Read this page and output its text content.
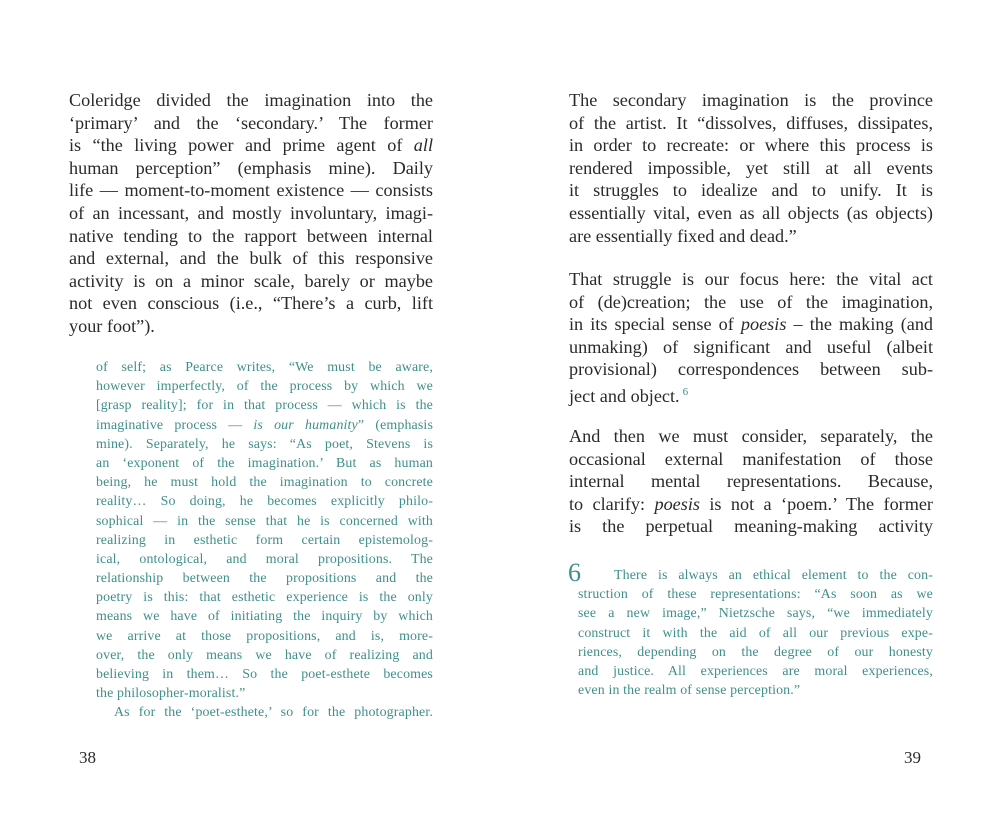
Coleridge divided the imagination into the
‘primary’ and the ‘secondary.’ The former
is “the living power and prime agent of all
human perception” (emphasis mine). Daily
life — moment-to-moment existence — consists
of an incessant, and mostly involuntary, imagi-
native tending to the rapport between internal
and external, and the bulk of this responsive
activity is on a minor scale, barely or maybe
not even conscious (i.e., “There’s a curb, lift
your foot”).
of self; as Pearce writes, “We must be aware,
however imperfectly, of the process by which we
[grasp reality]; for in that process — which is the
imaginative process — is our humanity” (emphasis
mine). Separately, he says: “As poet, Stevens is
an ‘exponent of the imagination.’ But as human
being, he must hold the imagination to concrete
reality… So doing, he becomes explicitly philo-
sophical — in the sense that he is concerned with
realizing in esthetic form certain epistemolog-
ical, ontological, and moral propositions. The
relationship between the propositions and the
poetry is this: that esthetic experience is the only
means we have of initiating the inquiry by which
we arrive at those propositions, and is, more-
over, the only means we have of realizing and
believing in them… So the poet-esthete becomes
the philosopher-moralist.”
As for the ‘poet-esthete,’ so for the photographer.
38
The secondary imagination is the province
of the artist. It “dissolves, diffuses, dissipates,
in order to recreate: or where this process is
rendered impossible, yet still at all events
it struggles to idealize and to unify. It is
essentially vital, even as all objects (as objects)
are essentially fixed and dead.”
That struggle is our focus here: the vital act
of (de)creation; the use of the imagination,
in its special sense of poesis – the making (and
unmaking) of significant and useful (albeit
provisional) correspondences between sub-
ject and object. $^6$
And then we must consider, separately, the
occasional external manifestation of those
internal mental representations. Because,
to clarify: poesis is not a ‘poem.’ The former
is the perpetual meaning-making activity
6	There is always an ethical element to the con-
struction of these representations: “As soon as we
see a new image,” Nietzsche says, “we immediately
construct it with the aid of all our previous expe-
riences, depending on the degree of our honesty
and justice. All experiences are moral experiences,
even in the realm of sense perception.”
39
